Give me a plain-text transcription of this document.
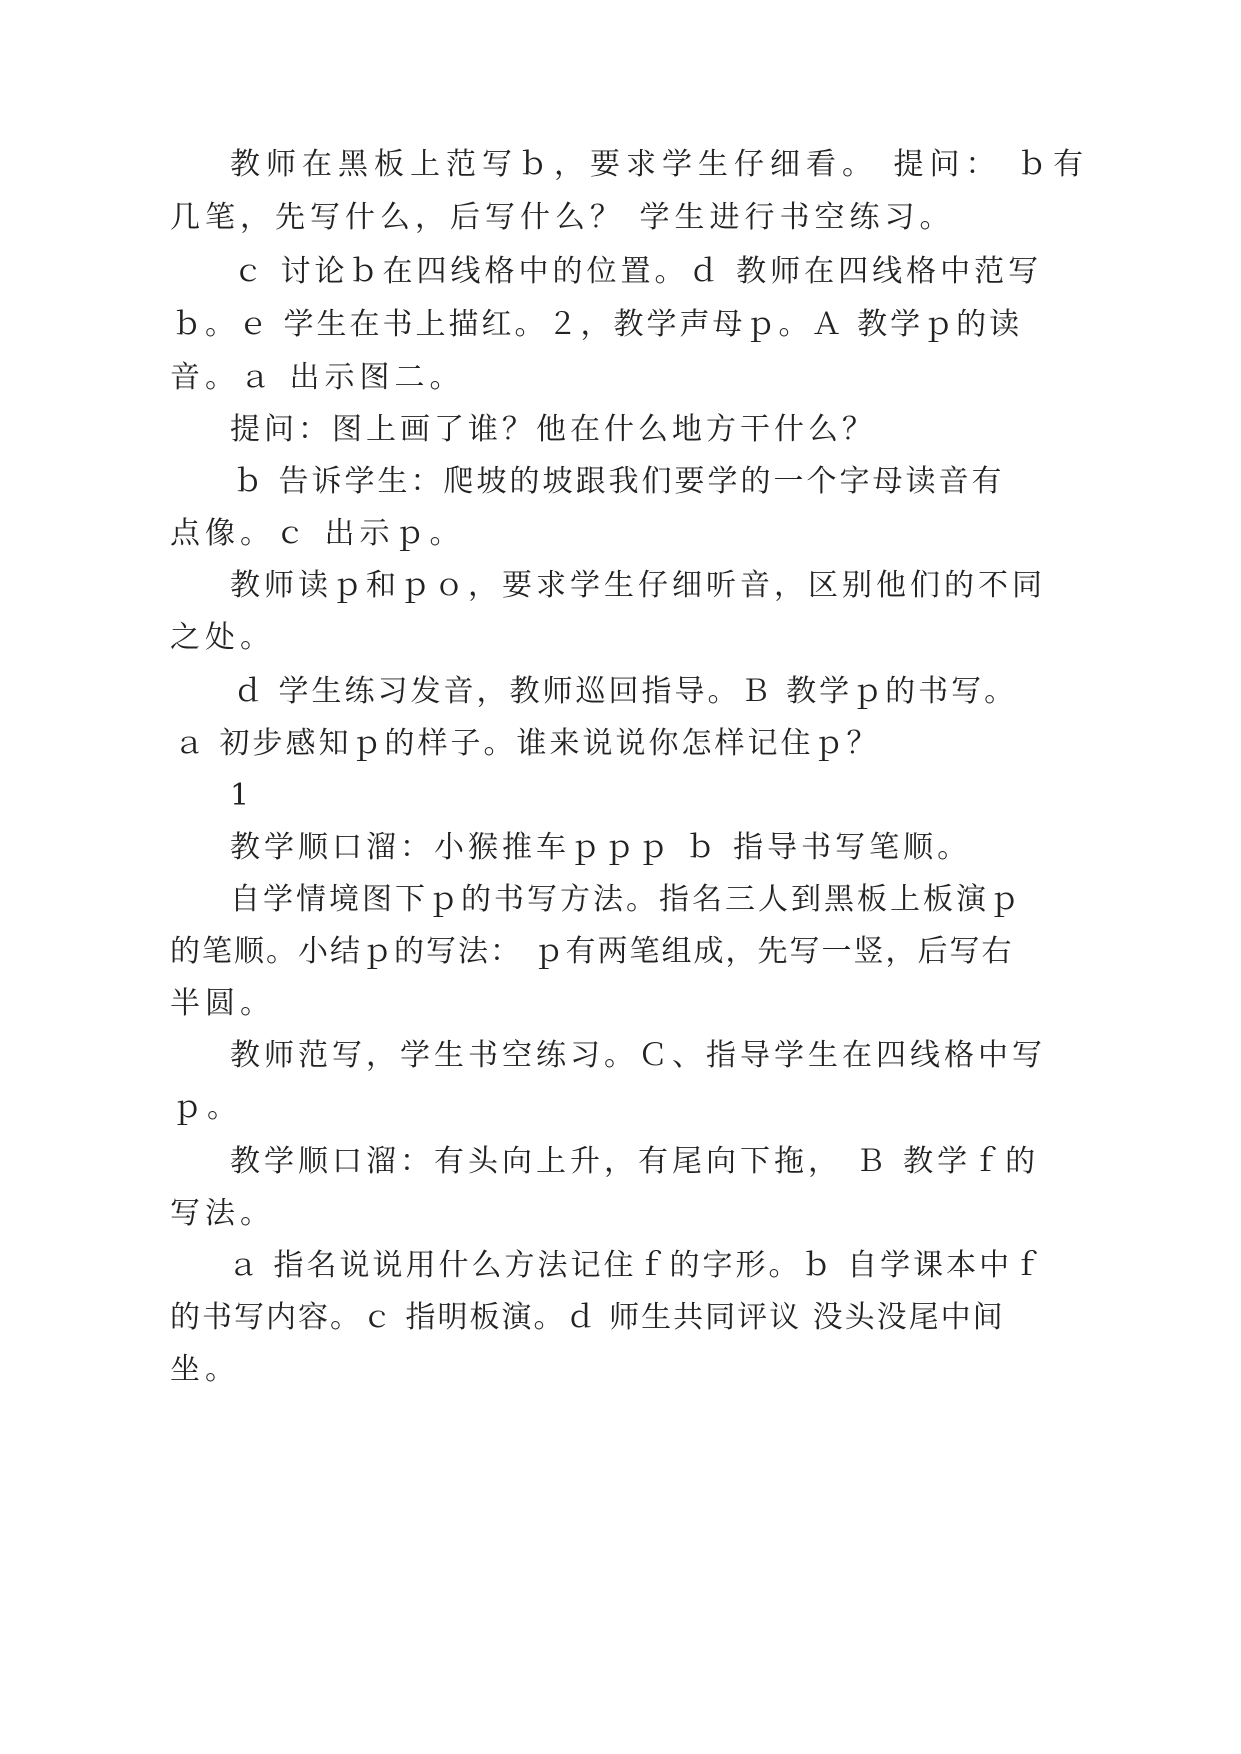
教师在黑板上范写ｂ，要求学生仔细看。 提问： ｂ有
几笔，先写什么，后写什么？ 学生进行书空练习。
ｃ 讨论ｂ在四线格中的位置。ｄ 教师在四线格中范写
ｂ。ｅ 学生在书上描红。２，教学声母ｐ。Ａ 教学ｐ的读
音。ａ 出示图二。
提问：图上画了谁？他在什么地方干什么？
ｂ 告诉学生：爬坡的坡跟我们要学的一个字母读音有
点像。ｃ 出示ｐ。
教师读ｐ和ｐｏ，要求学生仔细听音，区别他们的不同
之处。
ｄ 学生练习发音，教师巡回指导。Ｂ 教学ｐ的书写。
ａ 初步感知ｐ的样子。谁来说说你怎样记住ｐ？
1
教学顺口溜：小猴推车ｐｐｐ ｂ 指导书写笔顺。
自学情境图下ｐ的书写方法。指名三人到黑板上板演ｐ
的笔顺。小结ｐ的写法： ｐ有两笔组成，先写一竖，后写右
半圆。
教师范写，学生书空练习。Ｃ、指导学生在四线格中写
ｐ。
教学顺口溜：有头向上升，有尾向下拖， Ｂ 教学ｆ的
写法。
ａ 指名说说用什么方法记住ｆ的字形。ｂ 自学课本中ｆ
的书写内容。ｃ 指明板演。ｄ 师生共同评议 没头没尾中间
坐。
